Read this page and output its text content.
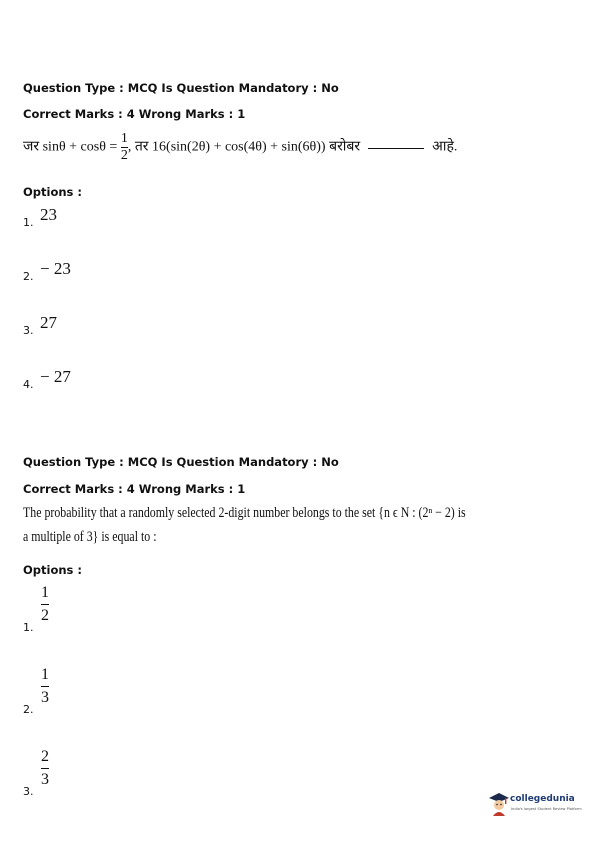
Question Type : MCQ Is Question Mandatory : No
Correct Marks : 4 Wrong Marks : 1
जर $\sin\theta + \cos\theta = \frac{1}{2}$ , तर 16(sin(2θ) + cos(4θ) + sin(6θ)) बरोबर	आहे.
Options :
1. 23
2. − 23
3. 27
4. − 27
Question Type : MCQ Is Question Mandatory : No
Correct Marks : 4 Wrong Marks : 1
The probability that a randomly selected 2-digit number belongs to the set {n ϵ N : (2ⁿ − 2) is
a multiple of 3} is equal to :
Options :
1.
$\frac{1}{2}$
2.
$\frac{1}{3}$
3.
$\frac{2}{3}$
collegedunia
India's largest Student Review Platform
